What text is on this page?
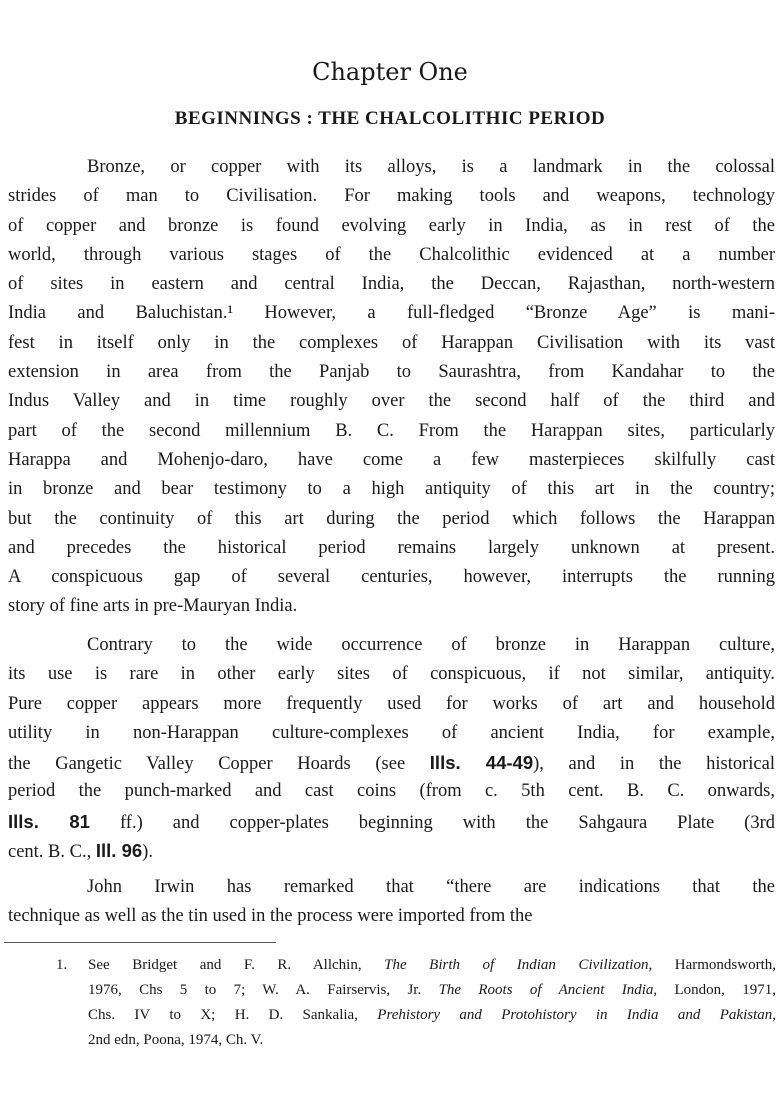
Chapter One
BEGINNINGS : THE CHALCOLITHIC PERIOD
Bronze, or copper with its alloys, is a landmark in the colossal
strides of man to Civilisation. For making tools and weapons, technology
of copper and bronze is found evolving early in India, as in rest of the
world, through various stages of the Chalcolithic evidenced at a number
of sites in eastern and central India, the Deccan, Rajasthan, north-western
India and Baluchistan.¹ However, a full-fledged “Bronze Age” is mani-
fest in itself only in the complexes of Harappan Civilisation with its vast
extension in area from the Panjab to Saurashtra, from Kandahar to the
Indus Valley and in time roughly over the second half of the third and
part of the second millennium B. C. From the Harappan sites, particularly
Harappa and Mohenjo-daro, have come a few masterpieces skilfully cast
in bronze and bear testimony to a high antiquity of this art in the country;
but the continuity of this art during the period which follows the Harappan
and precedes the historical period remains largely unknown at present.
A conspicuous gap of several centuries, however, interrupts the running
story of fine arts in pre-Mauryan India.
Contrary to the wide occurrence of bronze in Harappan culture,
its use is rare in other early sites of conspicuous, if not similar, antiquity.
Pure copper appears more frequently used for works of art and household
utility in non-Harappan culture-complexes of ancient India, for example,
the Gangetic Valley Copper Hoards (see Ills. 44-49), and in the historical
period the punch-marked and cast coins (from c. 5th cent. B. C. onwards,
Ills. 81 ff.) and copper-plates beginning with the Sahgaura Plate (3rd
cent. B. C., Ill. 96).
John Irwin has remarked that “there are indications that the
technique as well as the tin used in the process were imported from the
1.	See Bridget and F. R. Allchin, The Birth of Indian Civilization, Harmondsworth,
1976, Chs 5 to 7; W. A. Fairservis, Jr. The Roots of Ancient India, London, 1971,
Chs. IV to X; H. D. Sankalia, Prehistory and Protohistory in India and Pakistan,
2nd edn, Poona, 1974, Ch. V.
